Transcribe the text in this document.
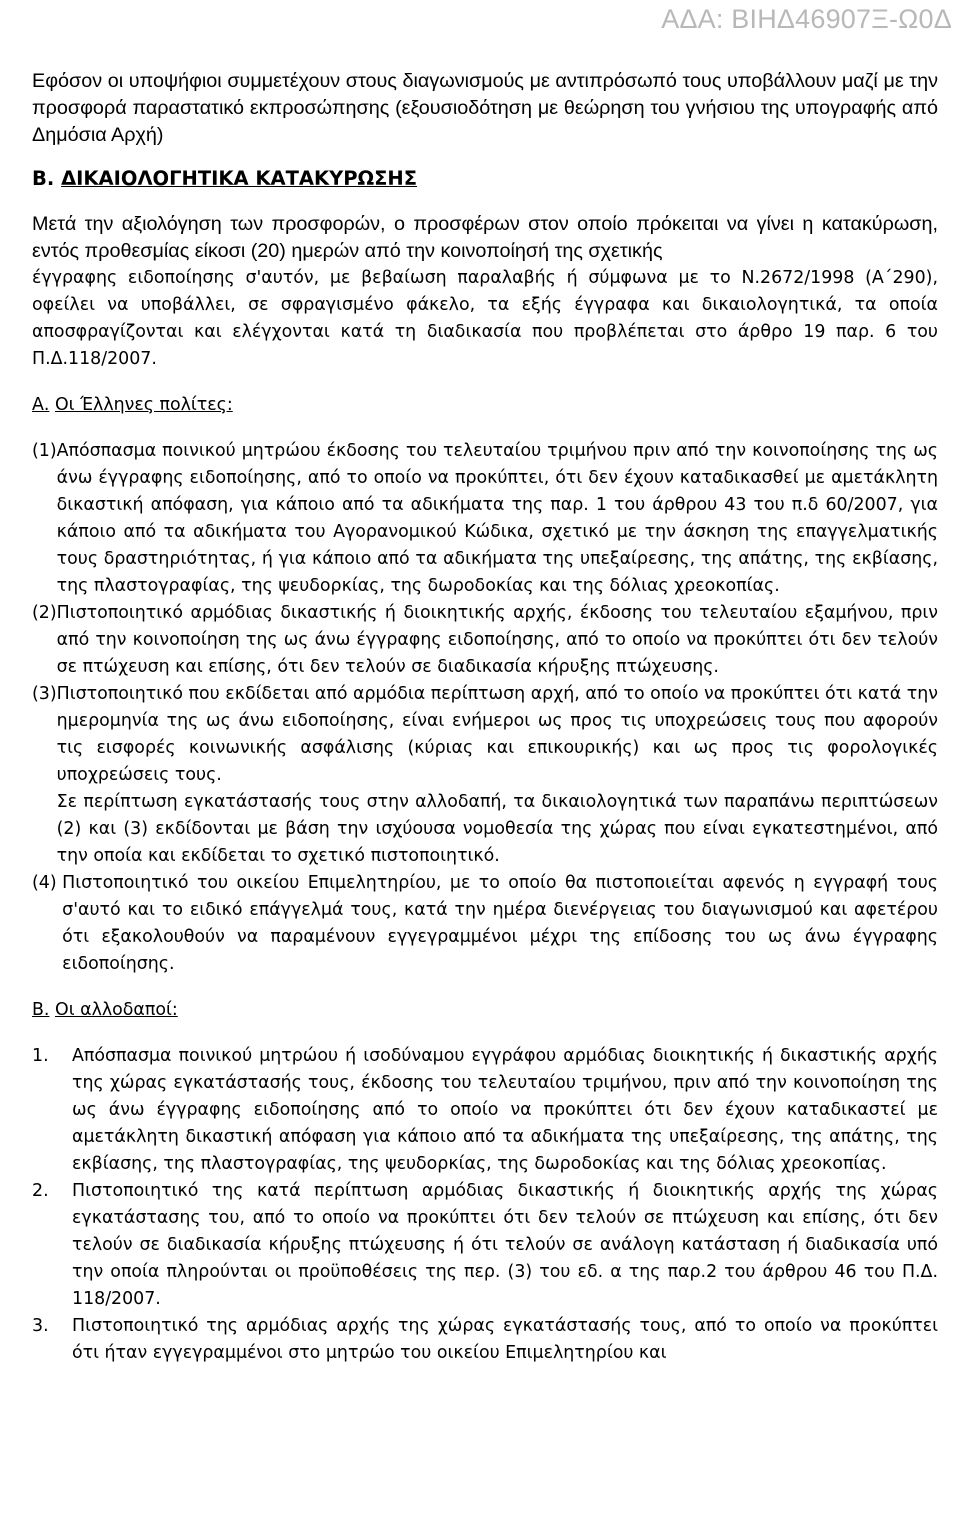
ΑΔΑ: ΒΙΗΔ46907Ξ-Ω0Δ

Εφόσον οι υποψήφιοι συμμετέχουν στους διαγωνισμούς με αντιπρόσωπό τους υποβάλλουν μαζί με την προσφορά παραστατικό εκπροσώπησης (εξουσιοδότηση με θεώρηση του γνήσιου της υπογραφής από Δημόσια Αρχή)

Β. ΔΙΚΑΙΟΛΟΓΗΤΙΚΑ ΚΑΤΑΚΥΡΩΣΗΣ

Μετά την αξιολόγηση των προσφορών, ο προσφέρων στον οποίο πρόκειται να γίνει η κατακύρωση, εντός προθεσμίας είκοσι (20) ημερών από την κοινοποίησή της σχετικής

έγγραφης ειδοποίησης σ'αυτόν, με βεβαίωση παραλαβής ή σύμφωνα με το Ν.2672/1998 (Α΄290), οφείλει να υποβάλλει, σε σφραγισμένο φάκελο, τα εξής έγγραφα και δικαιολογητικά, τα οποία αποσφραγίζονται και ελέγχονται κατά τη διαδικασία που προβλέπεται στο άρθρο 19 παρ. 6 του Π.Δ.118/2007.

Α. Οι Έλληνες πολίτες:

(1) Απόσπασμα ποινικού μητρώου έκδοσης του τελευταίου τριμήνου πριν από την κοινοποίησης της ως άνω έγγραφης ειδοποίησης, από το οποίο να προκύπτει, ότι δεν έχουν καταδικασθεί με αμετάκλητη δικαστική απόφαση, για κάποιο από τα αδικήματα της παρ. 1 του άρθρου 43 του π.δ 60/2007, για κάποιο από τα αδικήματα του Αγορανομικού Κώδικα, σχετικό με την άσκηση της επαγγελματικής τους δραστηριότητας, ή για κάποιο από τα αδικήματα της υπεξαίρεσης, της απάτης, της εκβίασης, της πλαστογραφίας, της ψευδορκίας, της δωροδοκίας και της δόλιας χρεοκοπίας.
(2) Πιστοποιητικό αρμόδιας δικαστικής ή διοικητικής αρχής, έκδοσης του τελευταίου εξαμήνου, πριν από την κοινοποίηση της ως άνω έγγραφης ειδοποίησης, από το οποίο να προκύπτει ότι δεν τελούν σε πτώχευση και επίσης, ότι δεν τελούν σε διαδικασία κήρυξης πτώχευσης.
(3) Πιστοποιητικό που εκδίδεται από αρμόδια περίπτωση αρχή, από το οποίο να προκύπτει ότι κατά την ημερομηνία της ως άνω ειδοποίησης, είναι ενήμεροι ως προς τις υποχρεώσεις τους που αφορούν τις εισφορές κοινωνικής ασφάλισης (κύριας και επικουρικής) και ως προς τις φορολογικές υποχρεώσεις τους.
Σε περίπτωση εγκατάστασής τους στην αλλοδαπή, τα δικαιολογητικά των παραπάνω περιπτώσεων (2) και (3) εκδίδονται με βάση την ισχύουσα νομοθεσία της χώρας που είναι εγκατεστημένοι, από την οποία και εκδίδεται το σχετικό πιστοποιητικό.
(4) Πιστοποιητικό του οικείου Επιμελητηρίου, με το οποίο θα πιστοποιείται αφενός η εγγραφή τους σ'αυτό και το ειδικό επάγγελμά τους, κατά την ημέρα διενέργειας του διαγωνισμού και αφετέρου ότι εξακολουθούν να παραμένουν εγγεγραμμένοι μέχρι της επίδοσης του ως άνω έγγραφης ειδοποίησης.

Β. Οι αλλοδαποί:

1.	Απόσπασμα ποινικού μητρώου ή ισοδύναμου εγγράφου αρμόδιας διοικητικής ή δικαστικής αρχής της χώρας εγκατάστασής τους, έκδοσης του τελευταίου τριμήνου, πριν από την κοινοποίηση της ως άνω έγγραφης ειδοποίησης από το οποίο να προκύπτει ότι δεν έχουν καταδικαστεί με αμετάκλητη δικαστική απόφαση για κάποιο από τα αδικήματα της υπεξαίρεσης, της απάτης, της εκβίασης, της πλαστογραφίας, της ψευδορκίας, της δωροδοκίας και της δόλιας χρεοκοπίας.
2.	Πιστοποιητικό της κατά περίπτωση αρμόδιας δικαστικής ή διοικητικής αρχής της χώρας εγκατάστασης του, από το οποίο να προκύπτει ότι δεν τελούν σε πτώχευση και επίσης, ότι δεν τελούν σε διαδικασία κήρυξης πτώχευσης ή ότι τελούν σε ανάλογη κατάσταση ή διαδικασία υπό την οποία πληρούνται οι προϋποθέσεις της περ. (3) του εδ. α της παρ.2 του άρθρου 46 του Π.Δ. 118/2007.
3.	Πιστοποιητικό της αρμόδιας αρχής της χώρας εγκατάστασής τους, από το οποίο να προκύπτει ότι ήταν εγγεγραμμένοι στο μητρώο του οικείου Επιμελητηρίου και
